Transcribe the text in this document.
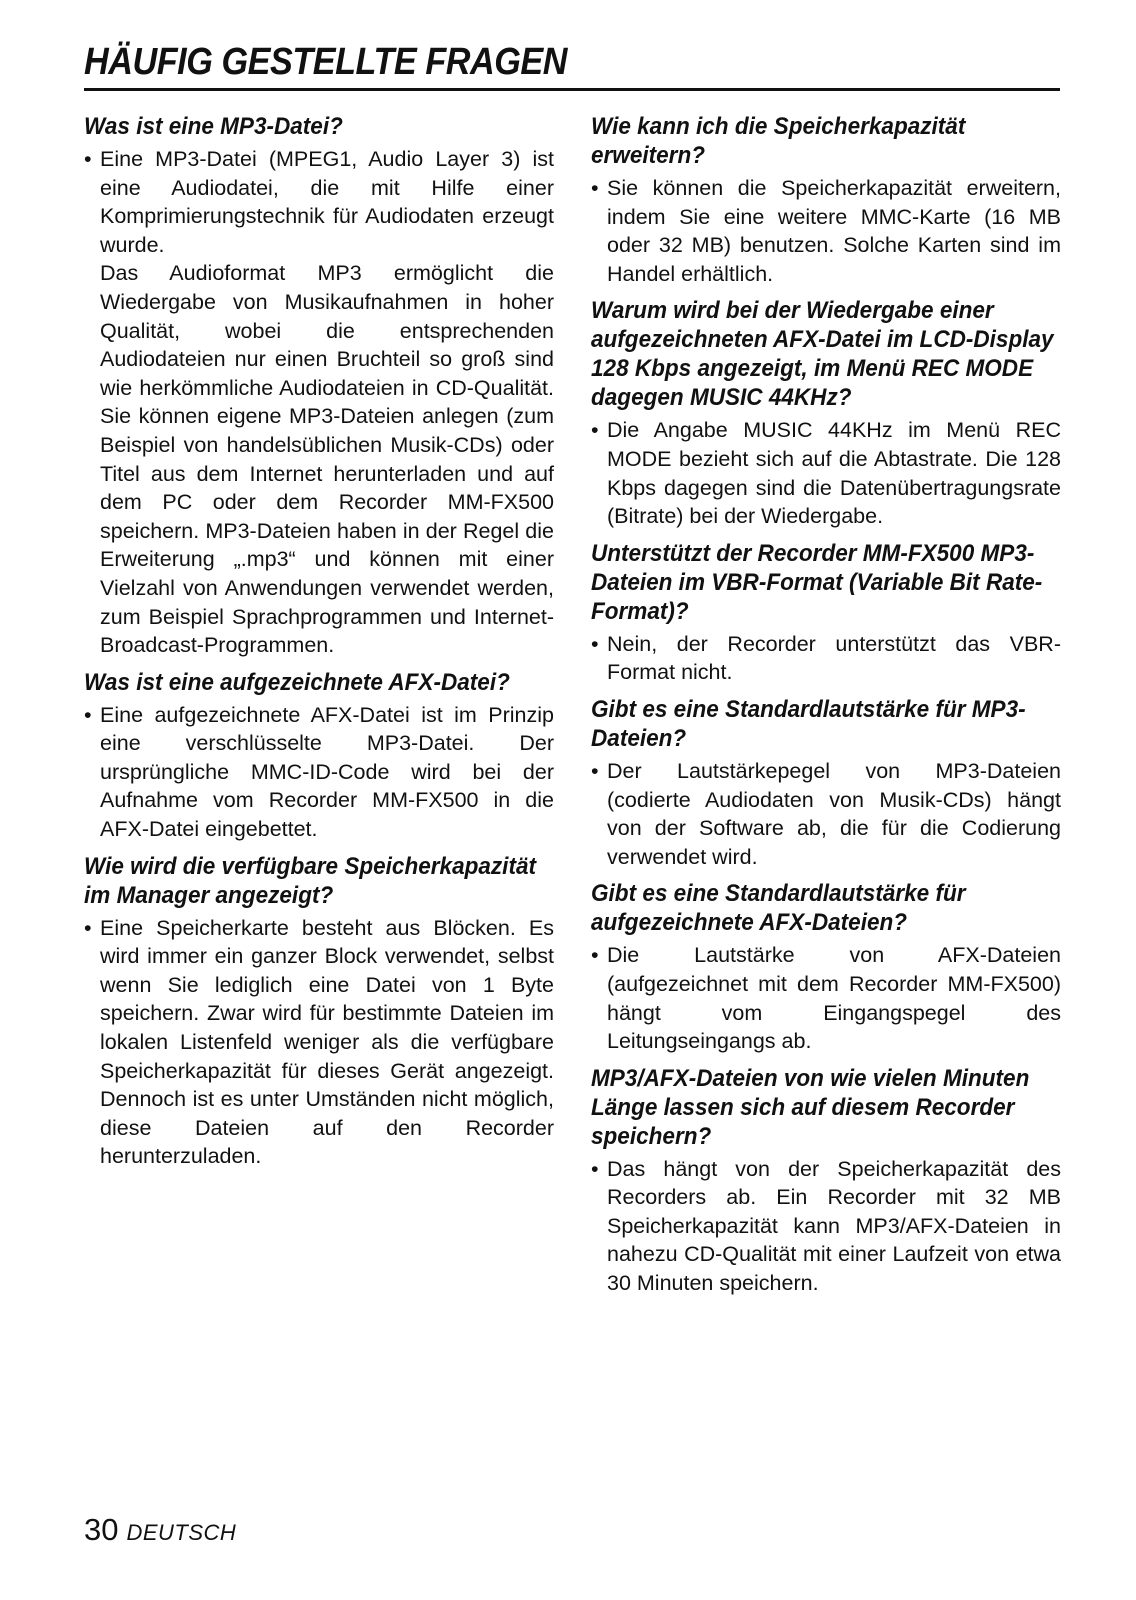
HÄUFIG GESTELLTE FRAGEN
Was ist eine MP3-Datei?
• Eine MP3-Datei (MPEG1, Audio Layer 3) ist eine Audiodatei, die mit Hilfe einer Komprimierungstechnik für Audiodaten erzeugt wurde.

Das Audioformat MP3 ermöglicht die Wiedergabe von Musikaufnahmen in hoher Qualität, wobei die entsprechenden Audiodateien nur einen Bruchteil so groß sind wie herkömmliche Audiodateien in CD-Qualität. Sie können eigene MP3-Dateien anlegen (zum Beispiel von handelsüblichen Musik-CDs) oder Titel aus dem Internet herunterladen und auf dem PC oder dem Recorder MM-FX500 speichern. MP3-Dateien haben in der Regel die Erweiterung „.mp3“ und können mit einer Vielzahl von Anwendungen verwendet werden, zum Beispiel Sprachprogrammen und Internet-Broadcast-Programmen.

Was ist eine aufgezeichnete AFX-Datei?
• Eine aufgezeichnete AFX-Datei ist im Prinzip eine verschlüsselte MP3-Datei. Der ursprüngliche MMC-ID-Code wird bei der Aufnahme vom Recorder MM-FX500 in die AFX-Datei eingebettet.

Wie wird die verfügbare Speicherkapazität im Manager angezeigt?
• Eine Speicherkarte besteht aus Blöcken. Es wird immer ein ganzer Block verwendet, selbst wenn Sie lediglich eine Datei von 1 Byte speichern. Zwar wird für bestimmte Dateien im lokalen Listenfeld weniger als die verfügbare Speicherkapazität für dieses Gerät angezeigt. Dennoch ist es unter Umständen nicht möglich, diese Dateien auf den Recorder herunterzuladen.

Wie kann ich die Speicherkapazität erweitern?
• Sie können die Speicherkapazität erweitern, indem Sie eine weitere MMC-Karte (16 MB oder 32 MB) benutzen. Solche Karten sind im Handel erhältlich.

Warum wird bei der Wiedergabe einer aufgezeichneten AFX-Datei im LCD-Display 128 Kbps angezeigt, im Menü REC MODE dagegen MUSIC 44KHz?
• Die Angabe MUSIC 44KHz im Menü REC MODE bezieht sich auf die Abtastrate. Die 128 Kbps dagegen sind die Datenübertragungsrate (Bitrate) bei der Wiedergabe.

Unterstützt der Recorder MM-FX500 MP3-Dateien im VBR-Format (Variable Bit Rate-Format)?
• Nein, der Recorder unterstützt das VBR-Format nicht.

Gibt es eine Standardlautstärke für MP3-Dateien?
• Der Lautstärkepegel von MP3-Dateien (codierte Audiodaten von Musik-CDs) hängt von der Software ab, die für die Codierung verwendet wird.

Gibt es eine Standardlautstärke für aufgezeichnete AFX-Dateien?
• Die Lautstärke von AFX-Dateien (aufgezeichnet mit dem Recorder MM-FX500) hängt vom Eingangspegel des Leitungseingangs ab.

MP3/AFX-Dateien von wie vielen Minuten Länge lassen sich auf diesem Recorder speichern?
• Das hängt von der Speicherkapazität des Recorders ab. Ein Recorder mit 32 MB Speicherkapazität kann MP3/AFX-Dateien in nahezu CD-Qualität mit einer Laufzeit von etwa 30 Minuten speichern.

30 DEUTSCH
